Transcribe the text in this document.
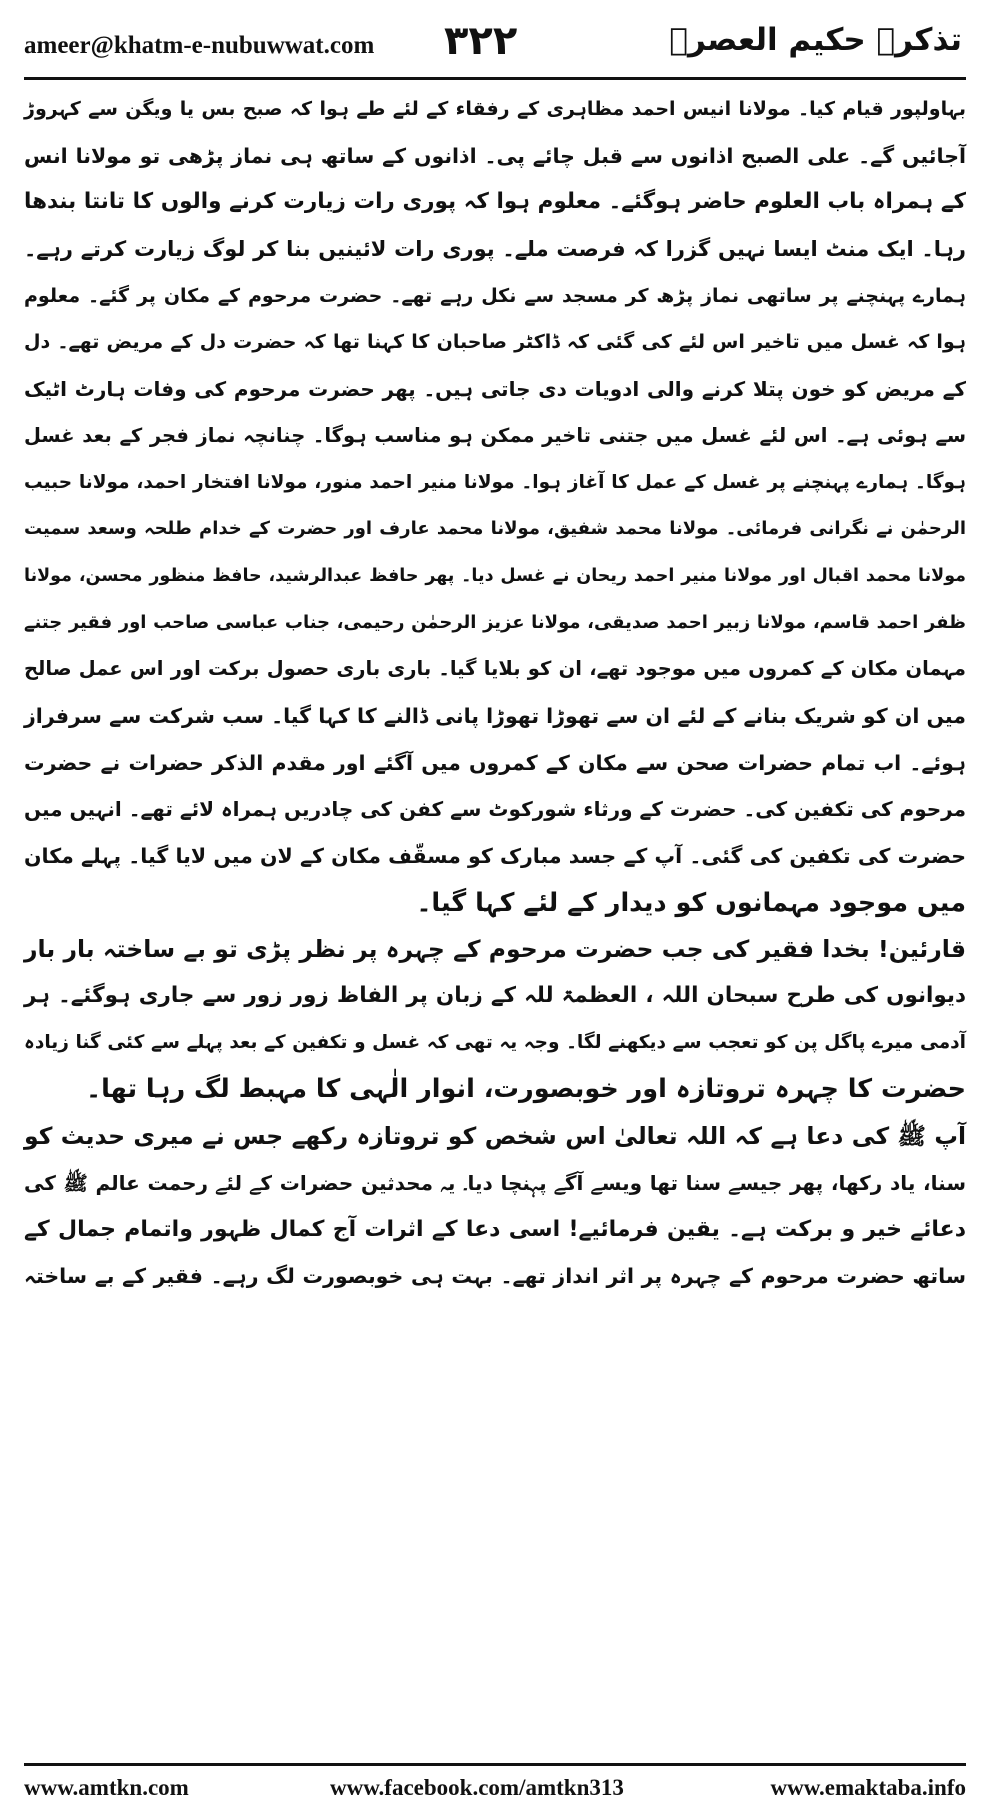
ameer@khatm-e-nubuwwat.com ٣٢٢	تذکرہ حکیم العصرؒ
بہاولپور قیام کیا۔ مولانا انیس احمد مظاہری کے رفقاء کے لئے طے ہوا کہ صبح بس یا ویگن سے کہروڑ
آجائیں گے۔ علی الصبح اذانوں سے قبل چائے پی۔ اذانوں کے ساتھ ہی نماز پڑھی تو مولانا انس
کے ہمراہ باب العلوم حاضر ہوگئے۔ معلوم ہوا کہ پوری رات زیارت کرنے والوں کا تانتا بندھا
رہا۔ ایک منٹ ایسا نہیں گزرا کہ فرصت ملے۔ پوری رات لائینیں بنا کر لوگ زیارت کرتے رہے۔
ہمارے پہنچنے پر ساتھی نماز پڑھ کر مسجد سے نکل رہے تھے۔ حضرت مرحوم کے مکان پر گئے۔ معلوم
ہوا کہ غسل میں تاخیر اس لئے کی گئی کہ ڈاکٹر صاحبان کا کہنا تھا کہ حضرت دل کے مریض تھے۔ دل
کے مریض کو خون پتلا کرنے والی ادویات دی جاتی ہیں۔ پھر حضرت مرحوم کی وفات ہارٹ اٹیک
سے ہوئی ہے۔ اس لئے غسل میں جتنی تاخیر ممکن ہو مناسب ہوگا۔ چنانچہ نماز فجر کے بعد غسل
ہوگا۔ ہمارے پہنچنے پر غسل کے عمل کا آغاز ہوا۔ مولانا منیر احمد منور، مولانا افتخار احمد، مولانا حبیب
الرحمٰن نے نگرانی فرمائی۔ مولانا محمد شفیق، مولانا محمد عارف اور حضرت کے خدام طلحہ وسعد سمیت
مولانا محمد اقبال اور مولانا منیر احمد ریحان نے غسل دیا۔ پھر حافظ عبدالرشید، حافظ منظور محسن، مولانا
ظفر احمد قاسم، مولانا زبیر احمد صدیقی، مولانا عزیز الرحمٰن رحیمی، جناب عباسی صاحب اور فقیر جتنے
مہمان مکان کے کمروں میں موجود تھے، ان کو بلایا گیا۔ باری باری حصول برکت اور اس عمل صالح
میں ان کو شریک بنانے کے لئے ان سے تھوڑا تھوڑا پانی ڈالنے کا کہا گیا۔ سب شرکت سے سرفراز
ہوئے۔ اب تمام حضرات صحن سے مکان کے کمروں میں آگئے اور مقدم الذکر حضرات نے حضرت
مرحوم کی تکفین کی۔ حضرت کے ورثاء شورکوٹ سے کفن کی چادریں ہمراہ لائے تھے۔ انہیں میں
حضرت کی تکفین کی گئی۔ آپ کے جسد مبارک کو مسقّف مکان کے لان میں لایا گیا۔ پہلے مکان
میں موجود مہمانوں کو دیدار کے لئے کہا گیا۔
قارئین! بخدا فقیر کی جب حضرت مرحوم کے چہرہ پر نظر پڑی تو بے ساختہ بار بار
دیوانوں کی طرح سبحان اللہ ، العظمۃ للہ کے زبان پر الفاظ زور زور سے جاری ہوگئے۔ ہر
آدمی میرے پاگل پن کو تعجب سے دیکھنے لگا۔ وجہ یہ تھی کہ غسل و تکفین کے بعد پہلے سے کئی گنا زیادہ
حضرت کا چہرہ تروتازہ اور خوبصورت، انوار الٰہی کا مہبط لگ رہا تھا۔
آپ ﷺ کی دعا ہے کہ اللہ تعالیٰ اس شخص کو تروتازہ رکھے جس نے میری حدیث کو
سنا، یاد رکھا، پھر جیسے سنا تھا ویسے آگے پہنچا دیا۔ یہ محدثین حضرات کے لئے رحمت عالم ﷺ کی
دعائے خیر و برکت ہے۔ یقین فرمائیے! اسی دعا کے اثرات آج کمال ظہور واتمام جمال کے
ساتھ حضرت مرحوم کے چہرہ پر اثر انداز تھے۔ بہت ہی خوبصورت لگ رہے۔ فقیر کے بے ساختہ
www.amtkn.com	www.facebook.com/amtkn313	www.emaktaba.info
